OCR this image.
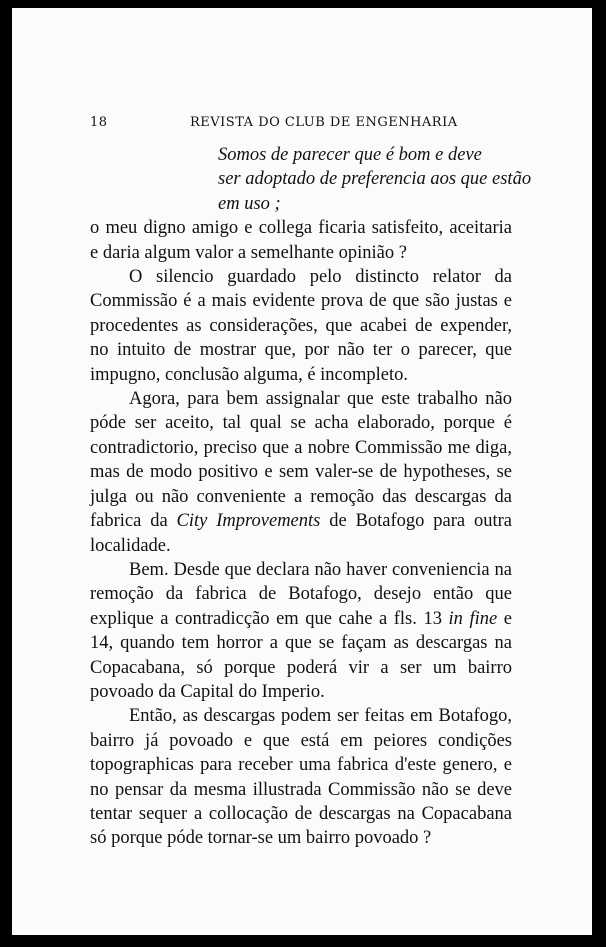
18	REVISTA DO CLUB DE ENGENHARIA
Somos de parecer que é bom e deve
ser adoptado de preferencia aos que estão
em uso ;

o meu digno amigo e collega ficaria satisfeito, aceitaria e daria algum valor a semelhante opinião ?

O silencio guardado pelo distincto relator da Commissão é a mais evidente prova de que são justas e procedentes as considerações, que acabei de expender, no intuito de mostrar que, por não ter o parecer, que impugno, conclusão alguma, é incompleto.

Agora, para bem assignalar que este trabalho não póde ser aceito, tal qual se acha elaborado, porque é contradictorio, preciso que a nobre Commissão me diga, mas de modo positivo e sem valer-se de hypotheses, se julga ou não conveniente a remoção das descargas da fabrica da City Improvements de Botafogo para outra localidade.

Bem. Desde que declara não haver conveniencia na remoção da fabrica de Botafogo, desejo então que explique a contradicção em que cahe a fls. 13 in fine e 14, quando tem horror a que se façam as descargas na Copacabana, só porque poderá vir a ser um bairro povoado da Capital do Imperio.

Então, as descargas podem ser feitas em Botafogo, bairro já povoado e que está em peiores condições topographicas para receber uma fabrica d'este genero, e no pensar da mesma illustrada Commissão não se deve tentar sequer a collocação de descargas na Copacabana só porque póde tornar-se um bairro povoado ?
